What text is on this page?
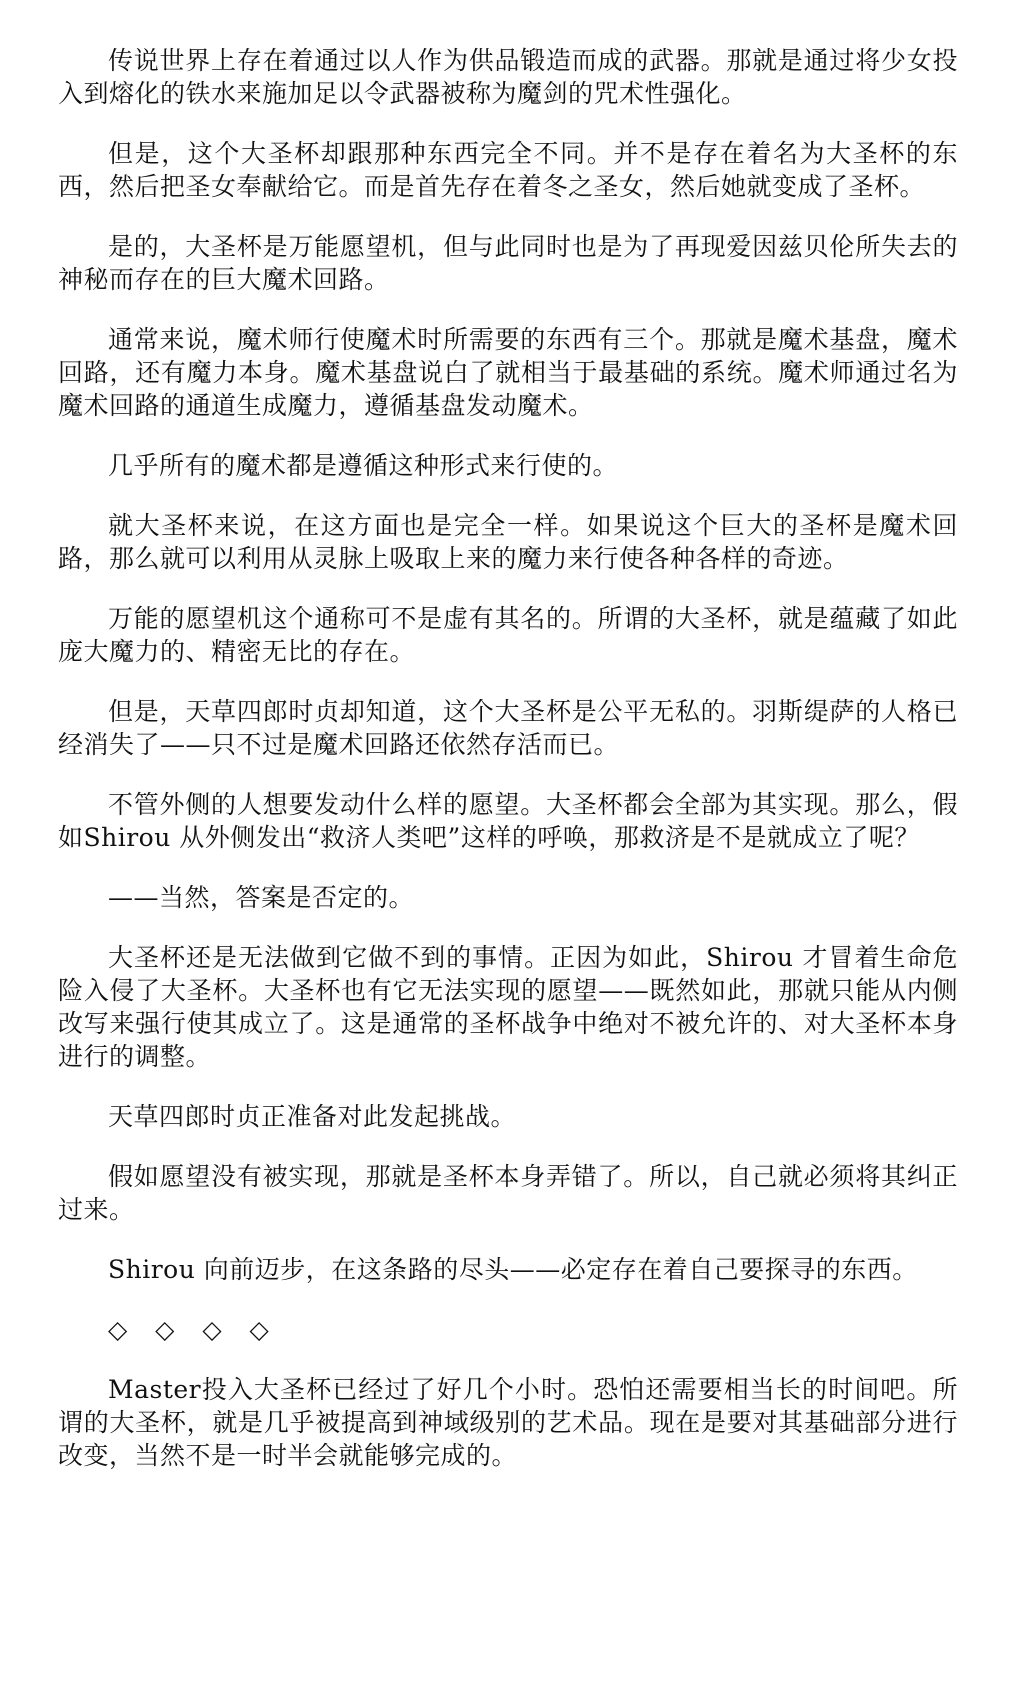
传说世界上存在着通过以人作为供品锻造而成的武器。那就是通过将少女投入到熔化的铁水来施加足以令武器被称为魔剑的咒术性强化。

但是，这个大圣杯却跟那种东西完全不同。并不是存在着名为大圣杯的东西，然后把圣女奉献给它。而是首先存在着冬之圣女，然后她就变成了圣杯。

是的，大圣杯是万能愿望机，但与此同时也是为了再现爱因兹贝伦所失去的神秘而存在的巨大魔术回路。

通常来说，魔术师行使魔术时所需要的东西有三个。那就是魔术基盘，魔术回路，还有魔力本身。魔术基盘说白了就相当于最基础的系统。魔术师通过名为魔术回路的通道生成魔力，遵循基盘发动魔术。

几乎所有的魔术都是遵循这种形式来行使的。

就大圣杯来说，在这方面也是完全一样。如果说这个巨大的圣杯是魔术回路，那么就可以利用从灵脉上吸取上来的魔力来行使各种各样的奇迹。

万能的愿望机这个通称可不是虚有其名的。所谓的大圣杯，就是蕴藏了如此庞大魔力的、精密无比的存在。

但是，天草四郎时贞却知道，这个大圣杯是公平无私的。羽斯缇萨的人格已经消失了——只不过是魔术回路还依然存活而已。

不管外侧的人想要发动什么样的愿望。大圣杯都会全部为其实现。那么，假如Shirou 从外侧发出“救济人类吧”这样的呼唤，那救济是不是就成立了呢？

——当然，答案是否定的。

大圣杯还是无法做到它做不到的事情。正因为如此，Shirou 才冒着生命危险入侵了大圣杯。大圣杯也有它无法实现的愿望——既然如此，那就只能从内侧改写来强行使其成立了。这是通常的圣杯战争中绝对不被允许的、对大圣杯本身进行的调整。

天草四郎时贞正准备对此发起挑战。

假如愿望没有被实现，那就是圣杯本身弄错了。所以，自己就必须将其纠正过来。

Shirou 向前迈步，在这条路的尽头——必定存在着自己要探寻的东西。

◇ ◇ ◇ ◇

Master投入大圣杯已经过了好几个小时。恐怕还需要相当长的时间吧。所谓的大圣杯，就是几乎被提高到神域级别的艺术品。现在是要对其基础部分进行改变，当然不是一时半会就能够完成的。
